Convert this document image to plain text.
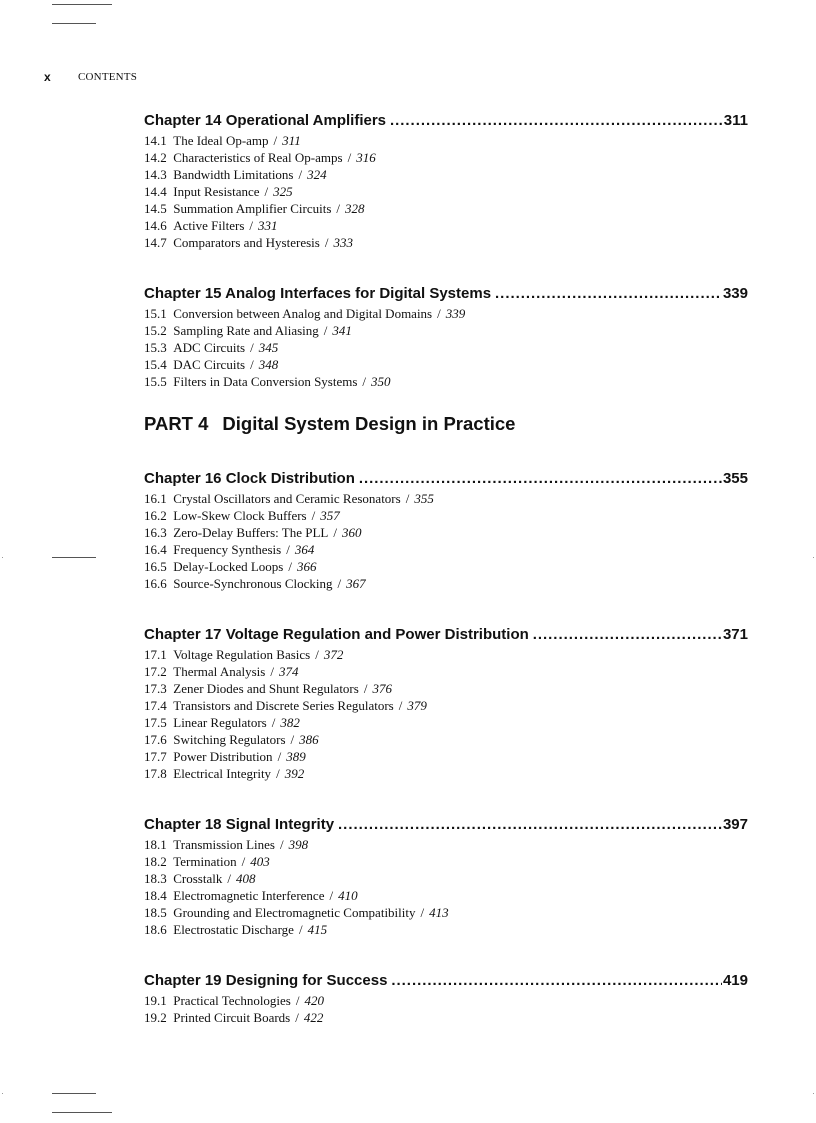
x CONTENTS
Chapter 14 Operational Amplifiers . . .	311
14.1 The Ideal Op-amp / 311
14.2 Characteristics of Real Op-amps / 316
14.3 Bandwidth Limitations / 324
14.4 Input Resistance / 325
14.5 Summation Amplifier Circuits / 328
14.6 Active Filters / 331
14.7 Comparators and Hysteresis / 333
Chapter 15 Analog Interfaces for Digital Systems . . .	339
15.1 Conversion between Analog and Digital Domains / 339
15.2 Sampling Rate and Aliasing / 341
15.3 ADC Circuits / 345
15.4 DAC Circuits / 348
15.5 Filters in Data Conversion Systems / 350
PART 4 Digital System Design in Practice
Chapter 16 Clock Distribution . . .	355
16.1 Crystal Oscillators and Ceramic Resonators / 355
16.2 Low-Skew Clock Buffers / 357
16.3 Zero-Delay Buffers: The PLL / 360
16.4 Frequency Synthesis / 364
16.5 Delay-Locked Loops / 366
16.6 Source-Synchronous Clocking / 367
Chapter 17 Voltage Regulation and Power Distribution . . .	371
17.1 Voltage Regulation Basics / 372
17.2 Thermal Analysis / 374
17.3 Zener Diodes and Shunt Regulators / 376
17.4 Transistors and Discrete Series Regulators / 379
17.5 Linear Regulators / 382
17.6 Switching Regulators / 386
17.7 Power Distribution / 389
17.8 Electrical Integrity / 392
Chapter 18 Signal Integrity . . .	397
18.1 Transmission Lines / 398
18.2 Termination / 403
18.3 Crosstalk / 408
18.4 Electromagnetic Interference / 410
18.5 Grounding and Electromagnetic Compatibility / 413
18.6 Electrostatic Discharge / 415
Chapter 19 Designing for Success . . .	419
19.1 Practical Technologies / 420
19.2 Printed Circuit Boards / 422
